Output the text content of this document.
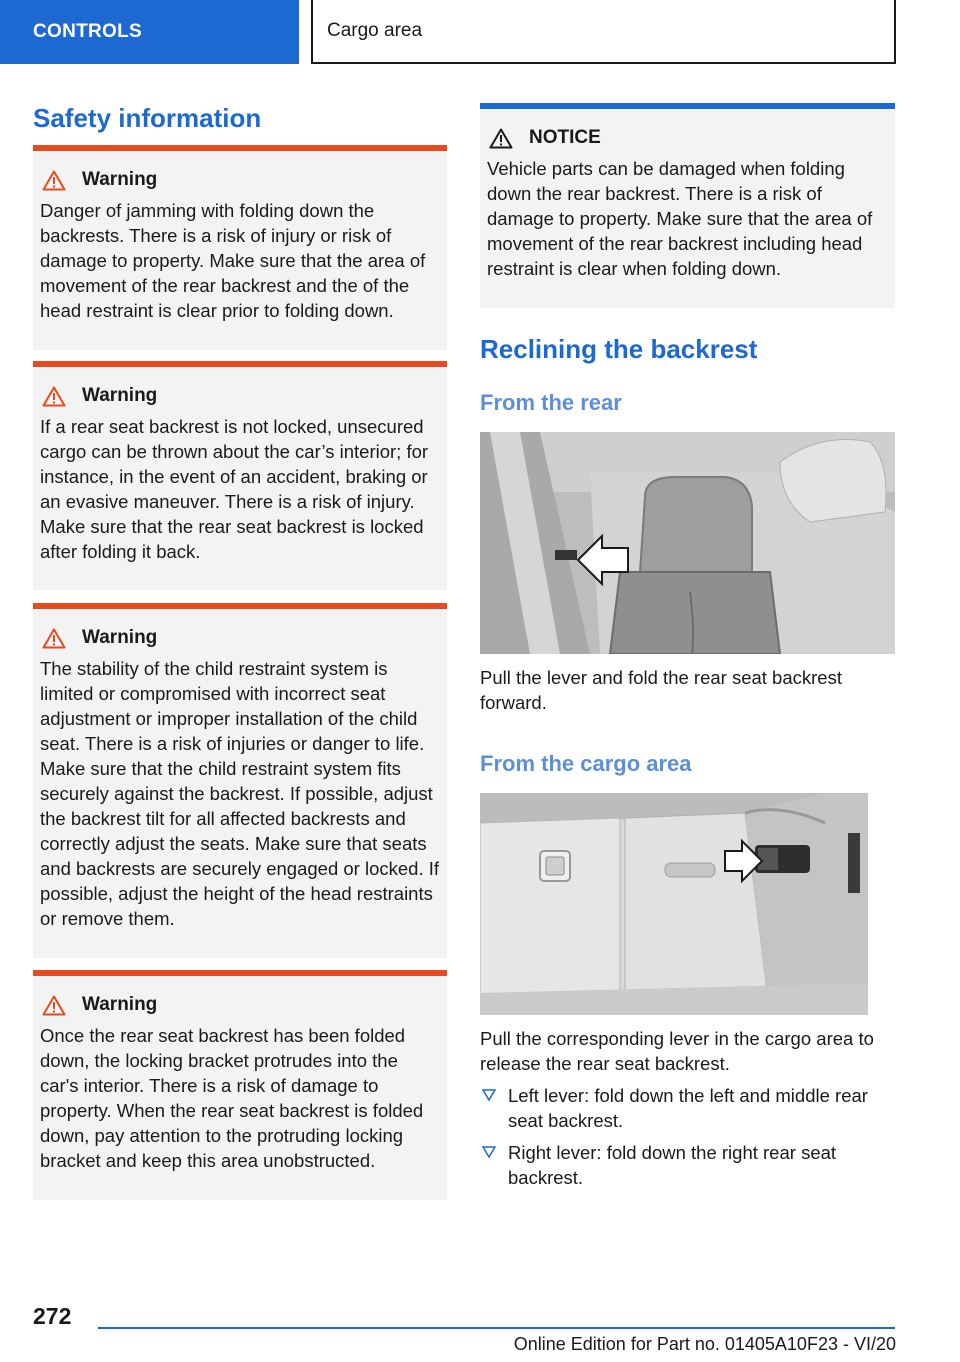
CONTROLS	Cargo area
Safety information
Warning
Danger of jamming with folding down the backrests. There is a risk of injury or risk of damage to property. Make sure that the area of movement of the rear backrest and the of the head restraint is clear prior to folding down.
Warning
If a rear seat backrest is not locked, unsecured cargo can be thrown about the car’s interior; for instance, in the event of an accident, braking or an evasive maneuver. There is a risk of injury. Make sure that the rear seat backrest is locked after folding it back.
Warning
The stability of the child restraint system is limited or compromised with incorrect seat adjustment or improper installation of the child seat. There is a risk of injuries or danger to life. Make sure that the child restraint system fits securely against the backrest. If possible, adjust the backrest tilt for all affected backrests and correctly adjust the seats. Make sure that seats and backrests are securely engaged or locked. If possible, adjust the height of the head restraints or remove them.
Warning
Once the rear seat backrest has been folded down, the locking bracket protrudes into the car's interior. There is a risk of damage to property. When the rear seat backrest is folded down, pay attention to the protruding locking bracket and keep this area unobstructed.
NOTICE
Vehicle parts can be damaged when folding down the rear backrest. There is a risk of damage to property. Make sure that the area of movement of the rear backrest including head restraint is clear when folding down.
Reclining the backrest
From the rear
Pull the lever and fold the rear seat backrest forward.
From the cargo area
Pull the corresponding lever in the cargo area to release the rear seat backrest.
Left lever: fold down the left and middle rear seat backrest.
Right lever: fold down the right rear seat backrest.
272
Online Edition for Part no. 01405A10F23 - VI/20
